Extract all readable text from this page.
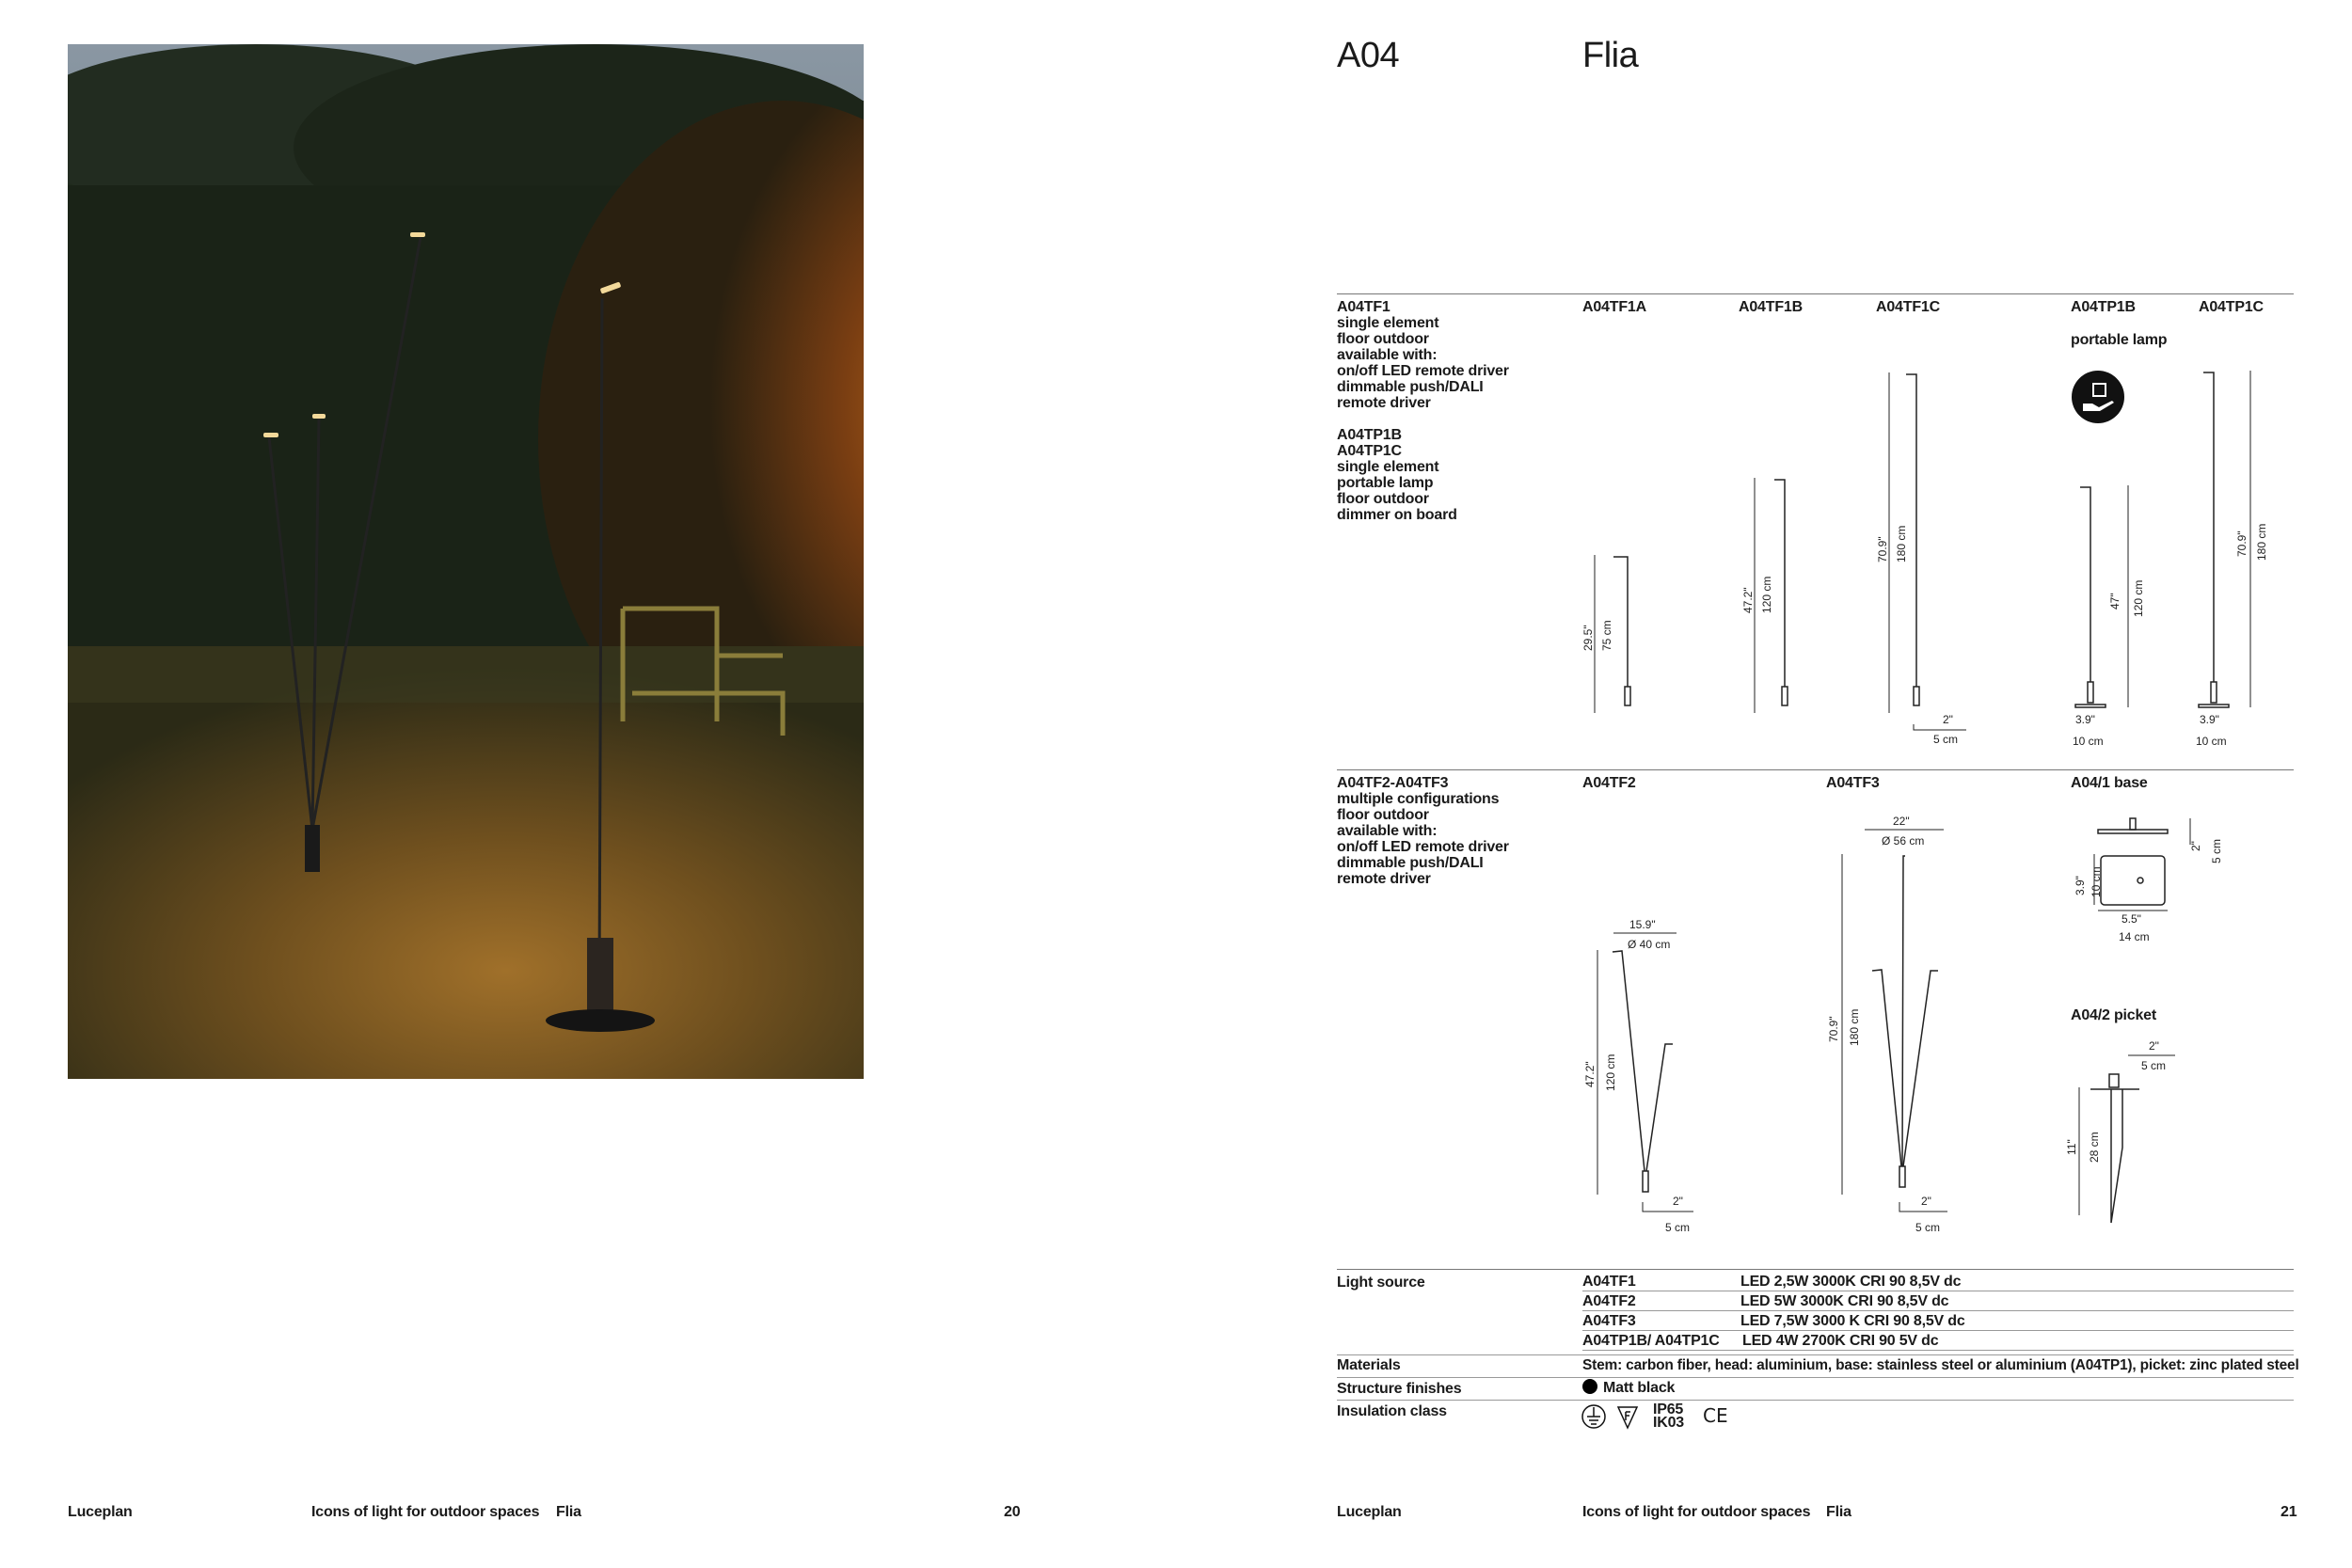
Luceplan	Icons of light for outdoor spaces Flia	20
A04	Flia
A04TF1
single element
floor outdoor
available with:
on/off LED remote driver
dimmable push/DALI
remote driver

A04TP1B
A04TP1C
single element
portable lamp
floor outdoor
dimmer on board
A04TF1A	A04TF1B	A04TF1C	A04TP1B	A04TP1C
portable lamp
29.5" 75 cm
47.2" 120 cm
70.9" 180 cm
2"
5 cm
47" 120 cm
3.9"
10 cm
70.9" 180 cm
3.9"
10 cm
A04TF2-A04TF3
multiple configurations
floor outdoor
available with:
on/off LED remote driver
dimmable push/DALI
remote driver
A04TF2	A04TF3	A04/1 base
A04/2 picket
15.9"
Ø 40 cm
47.2" 120 cm
2"
5 cm
22"
Ø 56 cm
70.9" 180 cm
2"
5 cm
5.5"
14 cm
3.9" 10 cm
2" 5 cm
2"
5 cm
11" 28 cm
Light source	A04TF1	LED 2,5W 3000K CRI 90 8,5V dc
A04TF2	LED 5W 3000K CRI 90 8,5V dc
A04TF3	LED 7,5W 3000 K CRI 90 8,5V dc
A04TP1B/ A04TP1C LED 4W 2700K CRI 90 5V dc
Materials	Stem: carbon fiber, head: aluminium, base: stainless steel or aluminium (A04TP1), picket: zinc plated steel
Structure finishes	Matt black
Insulation class	IP65
IK03 CE
Luceplan	Icons of light for outdoor spaces Flia	21
